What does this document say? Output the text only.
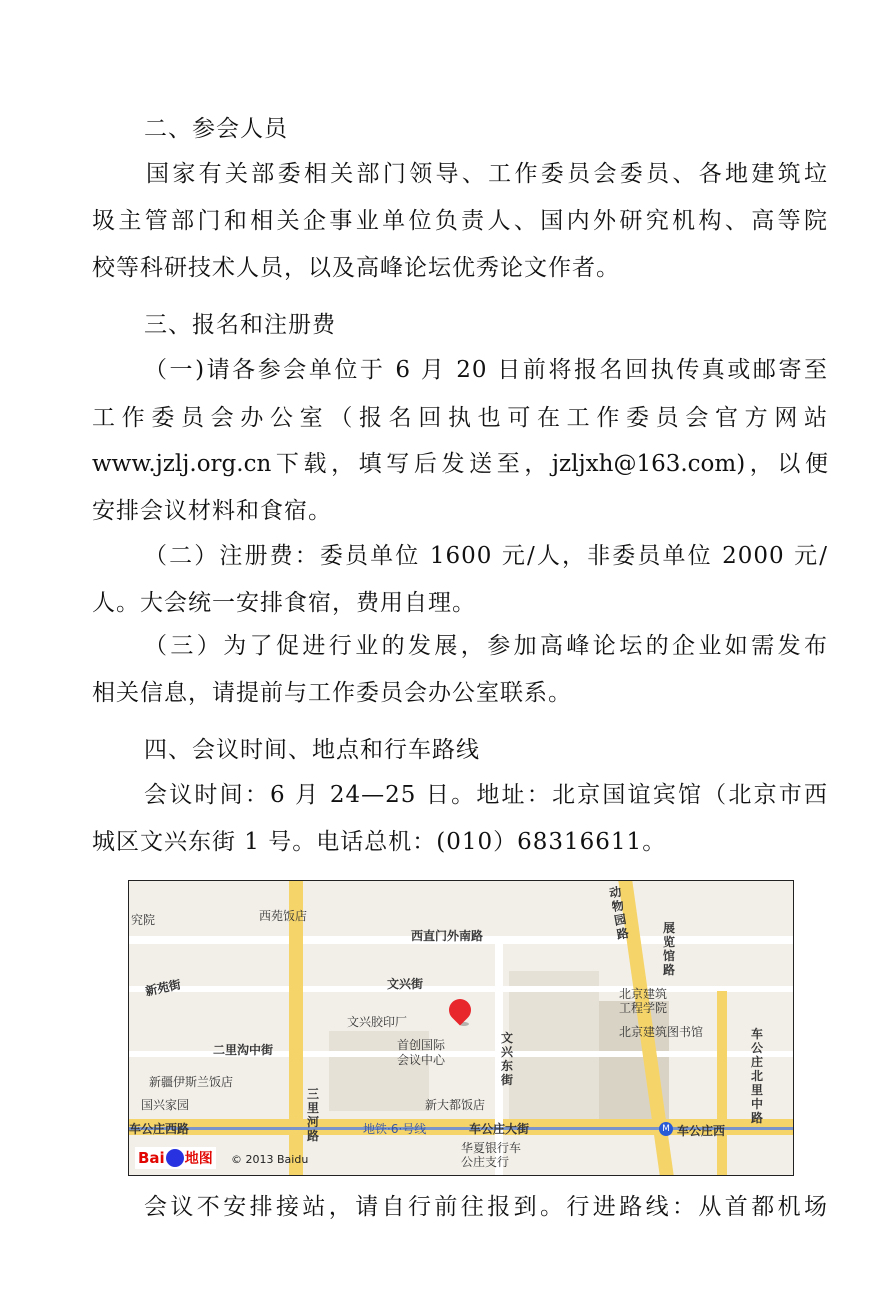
二、参会人员
国家有关部委相关部门领导、工作委员会委员、各地建筑垃
圾主管部门和相关企事业单位负责人、国内外研究机构、高等院
校等科研技术人员，以及高峰论坛优秀论文作者。
三、报名和注册费
（一)请各参会单位于 6 月 20 日前将报名回执传真或邮寄至
工作委员会办公室（报名回执也可在工作委员会官方网站
www.jzlj.org.cn下载，填写后发送至，jzljxh@163.com)，以便
安排会议材料和食宿。
（二）注册费：委员单位 1600 元/人，非委员单位 2000 元/
人。大会统一安排食宿，费用自理。
（三）为了促进行业的发展，参加高峰论坛的企业如需发布
相关信息，请提前与工作委员会办公室联系。
四、会议时间、地点和行车路线
会议时间：6 月 24—25 日。地址：北京国谊宾馆（北京市西
城区文兴东街 1 号。电话总机：(010）68316611。
究院	西苑饭店
西直门外南路
文兴街
新苑街
文兴胶印厂
二里沟中街	首创国际
会议中心
新疆伊斯兰饭店
国兴家园	新大都饭店
车公庄西路	地铁·6·号线	车公庄大街
华夏银行车
公庄支行
北京建筑
工程学院
北京建筑图书馆
M 车公庄西
动物园路	展览馆路
文兴东街
三里河路
车公庄北里中路
Bai 地图 © 2013 Baidu
会议不安排接站，请自行前往报到。行进路线：从首都机场
